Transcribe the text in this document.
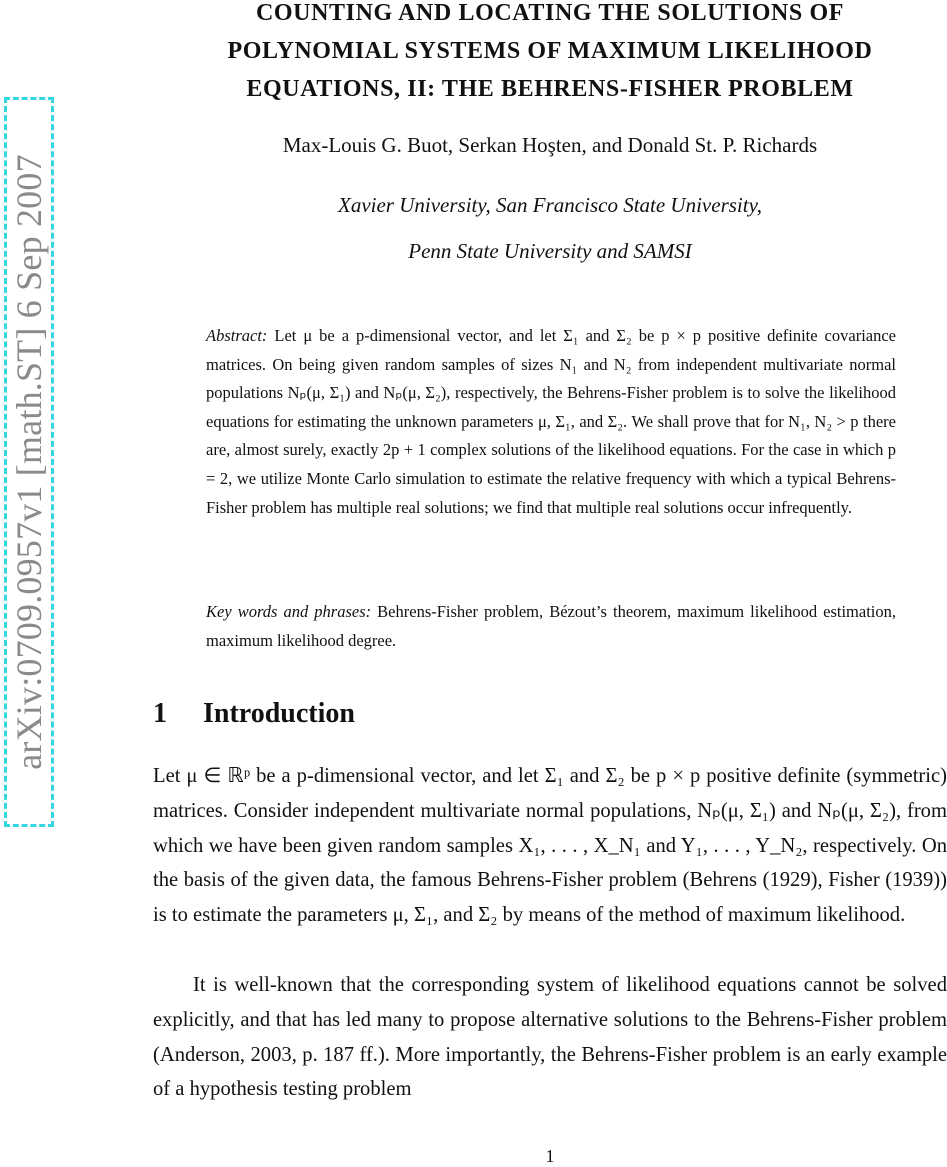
arXiv:0709.0957v1 [math.ST] 6 Sep 2007
COUNTING AND LOCATING THE SOLUTIONS OF
POLYNOMIAL SYSTEMS OF MAXIMUM LIKELIHOOD
EQUATIONS, II: THE BEHRENS-FISHER PROBLEM

Max-Louis G. Buot, Serkan Hoşten, and Donald St. P. Richards

Xavier University, San Francisco State University,

Penn State University and SAMSI

Abstract: Let μ be a p-dimensional vector, and let Σ₁ and Σ₂ be p × p positive definite covariance matrices. On being given random samples of sizes N₁ and N₂ from independent multivariate normal populations Nₚ(μ, Σ₁) and Nₚ(μ, Σ₂), respectively, the Behrens-Fisher problem is to solve the likelihood equations for estimating the unknown parameters μ, Σ₁, and Σ₂. We shall prove that for N₁, N₂ > p there are, almost surely, exactly 2p + 1 complex solutions of the likelihood equations. For the case in which p = 2, we utilize Monte Carlo simulation to estimate the relative frequency with which a typical Behrens-Fisher problem has multiple real solutions; we find that multiple real solutions occur infrequently.

Key words and phrases: Behrens-Fisher problem, Bézout’s theorem, maximum likelihood estimation, maximum likelihood degree.

1 Introduction

Let μ ∈ ℝᵖ be a p-dimensional vector, and let Σ₁ and Σ₂ be p × p positive definite (symmetric) matrices. Consider independent multivariate normal populations, Nₚ(μ, Σ₁) and Nₚ(μ, Σ₂), from which we have been given random samples X₁, . . . , X_N₁ and Y₁, . . . , Y_N₂, respectively. On the basis of the given data, the famous Behrens-Fisher problem (Behrens (1929), Fisher (1939)) is to estimate the parameters μ, Σ₁, and Σ₂ by means of the method of maximum likelihood.

It is well-known that the corresponding system of likelihood equations cannot be solved explicitly, and that has led many to propose alternative solutions to the Behrens-Fisher problem (Anderson, 2003, p. 187 ff.). More importantly, the Behrens-Fisher problem is an early example of a hypothesis testing problem

1
